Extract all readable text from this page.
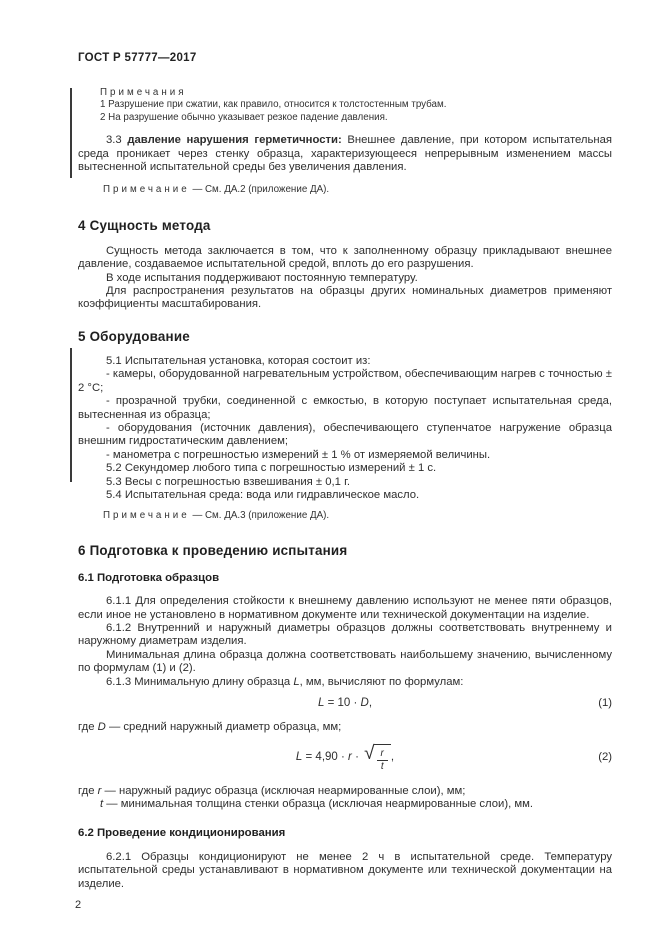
ГОСТ Р 57777—2017

Примечания

1 Разрушение при сжатии, как правило, относится к толстостенным трубам.

2 На разрушение обычно указывает резкое падение давления.

3.3 давление нарушения герметичности: Внешнее давление, при котором испытательная среда проникает через стенку образца, характеризующееся непрерывным изменением массы вытесненной испытательной среды без увеличения давления.

Примечание — См. ДА.2 (приложение ДА).

4 Сущность метода

Сущность метода заключается в том, что к заполненному образцу прикладывают внешнее давление, создаваемое испытательной средой, вплоть до его разрушения.

В ходе испытания поддерживают постоянную температуру.

Для распространения результатов на образцы других номинальных диаметров применяют коэффициенты масштабирования.

5 Оборудование

5.1 Испытательная установка, которая состоит из:

- камеры, оборудованной нагревательным устройством, обеспечивающим нагрев с точностью ± 2 °С;

- прозрачной трубки, соединенной с емкостью, в которую поступает испытательная среда, вытесненная из образца;

- оборудования (источник давления), обеспечивающего ступенчатое нагружение образца внешним гидростатическим давлением;

- манометра с погрешностью измерений ± 1 % от измеряемой величины.

5.2 Секундомер любого типа с погрешностью измерений ± 1 с.

5.3 Весы с погрешностью взвешивания ± 0,1 г.

5.4 Испытательная среда: вода или гидравлическое масло.

Примечание — См. ДА.3 (приложение ДА).

6 Подготовка к проведению испытания
6.1 Подготовка образцов

6.1.1 Для определения стойкости к внешнему давлению используют не менее пяти образцов, если иное не установлено в нормативном документе или технической документации на изделие.

6.1.2 Внутренний и наружный диаметры образцов должны соответствовать внутреннему и наружному диаметрам изделия.

Минимальная длина образца должна соответствовать наибольшему значению, вычисленному по формулам (1) и (2).

6.1.3 Минимальную длину образца L, мм, вычисляют по формулам:

L = 10 · D,	(1)

где D — средний наружный диаметр образца, мм;

L = 4,90 · r · √ $\frac{r}{t}$ ,	(2)

где r — наружный радиус образца (исключая неармированные слои), мм;

t — минимальная толщина стенки образца (исключая неармированные слои), мм.

6.2 Проведение кондиционирования

6.2.1 Образцы кондиционируют не менее 2 ч в испытательной среде. Температуру испытательной среды устанавливают в нормативном документе или технической документации на изделие.

2
